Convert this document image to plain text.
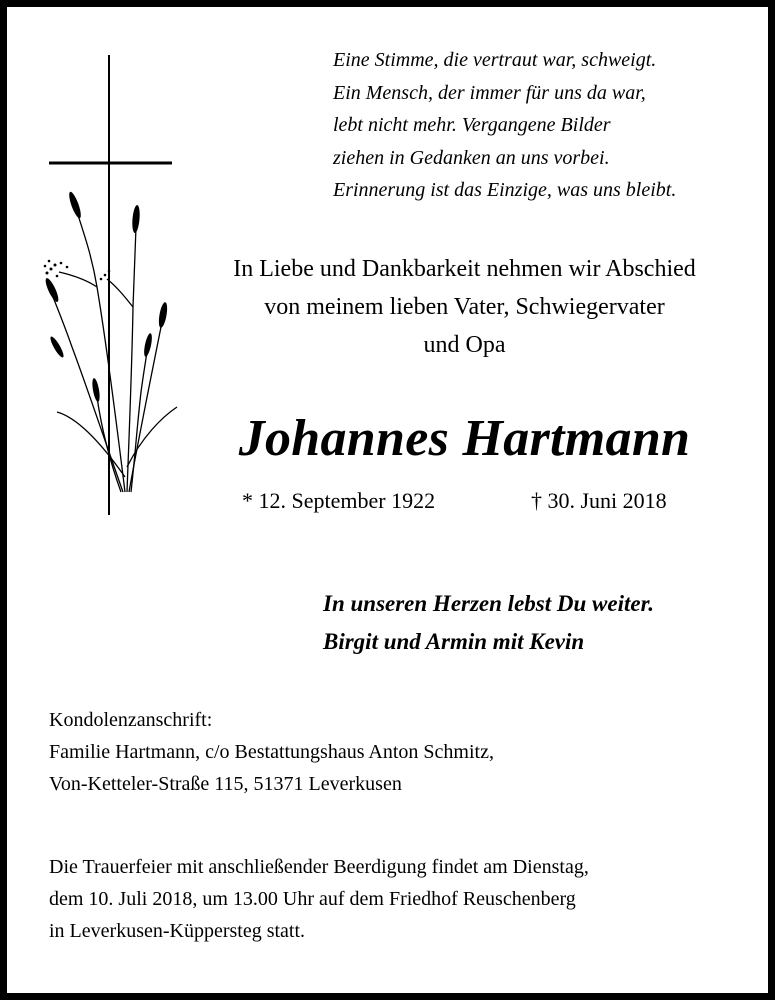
Eine Stimme, die vertraut war, schweigt.
Ein Mensch, der immer für uns da war,
lebt nicht mehr. Vergangene Bilder
ziehen in Gedanken an uns vorbei.
Erinnerung ist das Einzige, was uns bleibt.
In Liebe und Dankbarkeit nehmen wir Abschied
von meinem lieben Vater, Schwiegervater
und Opa
Johannes Hartmann
* 12. September 1922	† 30. Juni 2018
In unseren Herzen lebst Du weiter.
Birgit und Armin mit Kevin
Kondolenzanschrift:
Familie Hartmann, c/o Bestattungshaus Anton Schmitz,
Von-Ketteler-Straße 115, 51371 Leverkusen
Die Trauerfeier mit anschließender Beerdigung findet am Dienstag,
dem 10. Juli 2018, um 13.00 Uhr auf dem Friedhof Reuschenberg
in Leverkusen-Küppersteg statt.
